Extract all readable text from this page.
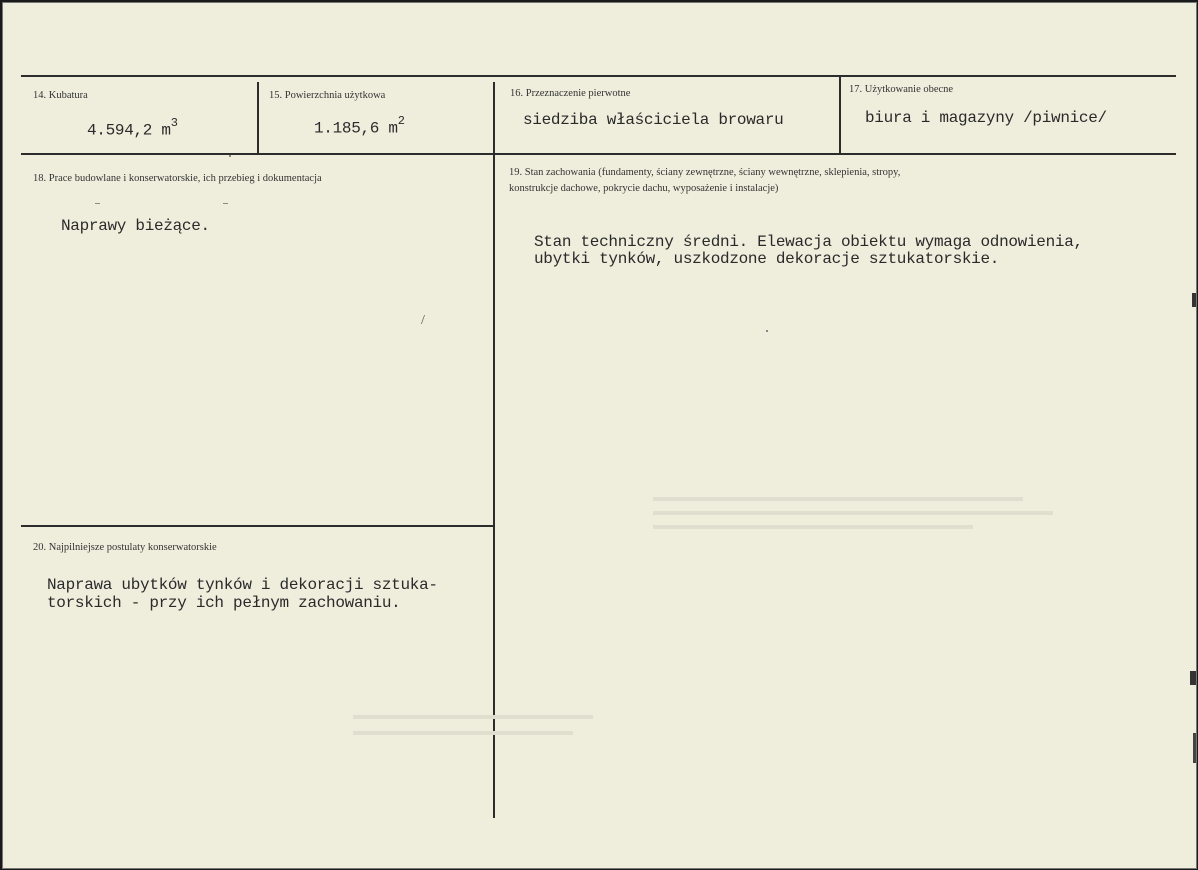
14. Kubatura
4.594,2 $m^3$
15. Powierzchnia użytkowa
1.185,6 $m^2$
16. Przeznaczenie pierwotne
siedziba właściciela browaru
17. Użytkowanie obecne
biura i magazyny /piwnice/
18. Prace budowlane i konserwatorskie, ich przebieg i dokumentacja
Naprawy bieżące.
19. Stan zachowania (fundamenty, ściany zewnętrzne, ściany wewnętrzne, sklepienia, stropy,
konstrukcje dachowe, pokrycie dachu, wyposażenie i instalacje)
Stan techniczny średni. Elewacja obiektu wymaga odnowienia,
ubytki tynków, uszkodzone dekoracje sztukatorskie.
20. Najpilniejsze postulaty konserwatorskie
Naprawa ubytków tynków i dekoracji sztuka-
torskich - przy ich pełnym zachowaniu.
/
